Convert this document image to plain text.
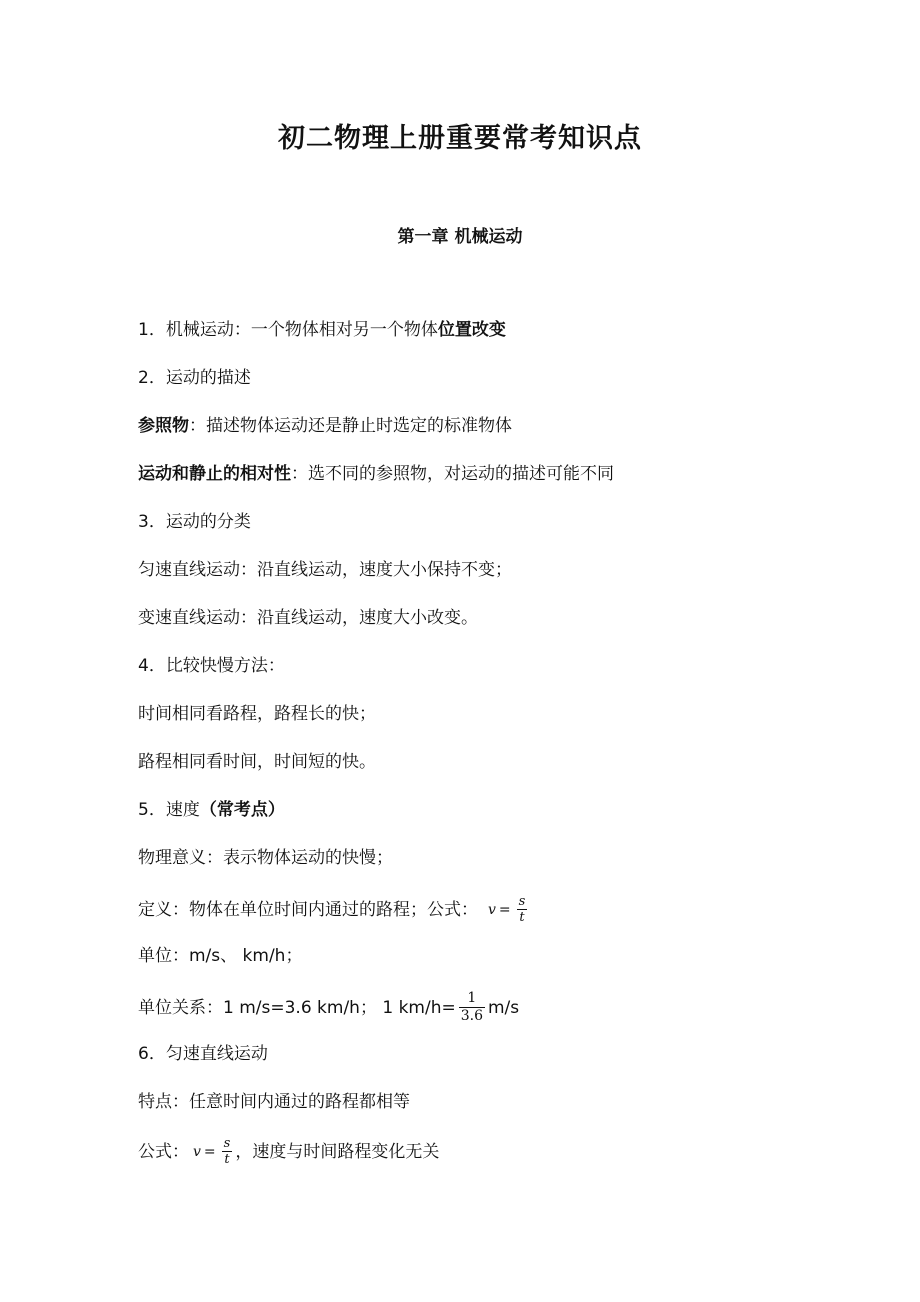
初二物理上册重要常考知识点
第一章 机械运动
1．机械运动：一个物体相对另一个物体 位置改变
2．运动的描述
参照物 ：描述物体运动还是静止时选定的标准物体
运动和静止的相对性 ：选不同的参照物，对运动的描述可能不同
3．运动的分类
匀速直线运动：沿直线运动，速度大小保持不变；
变速直线运动：沿直线运动，速度大小改变。
4．比较快慢方法：
时间相同看路程，路程长的快；
路程相同看时间，时间短的快。
5．速度 （常考点）
物理意义：表示物体运动的快慢；
定义：物体在单位时间内通过的路程；公式： $v = \frac{s}{t}$
单位：m/s、 km/h；
单位关系：1 m/s=3.6 km/h； 1 $km/h= \frac{1}{3.6} m/s$
6．匀速直线运动
特点：任意时间内通过的路程都相等
公式： $v = \frac{s}{t}$ ，速度与时间路程变化无关
